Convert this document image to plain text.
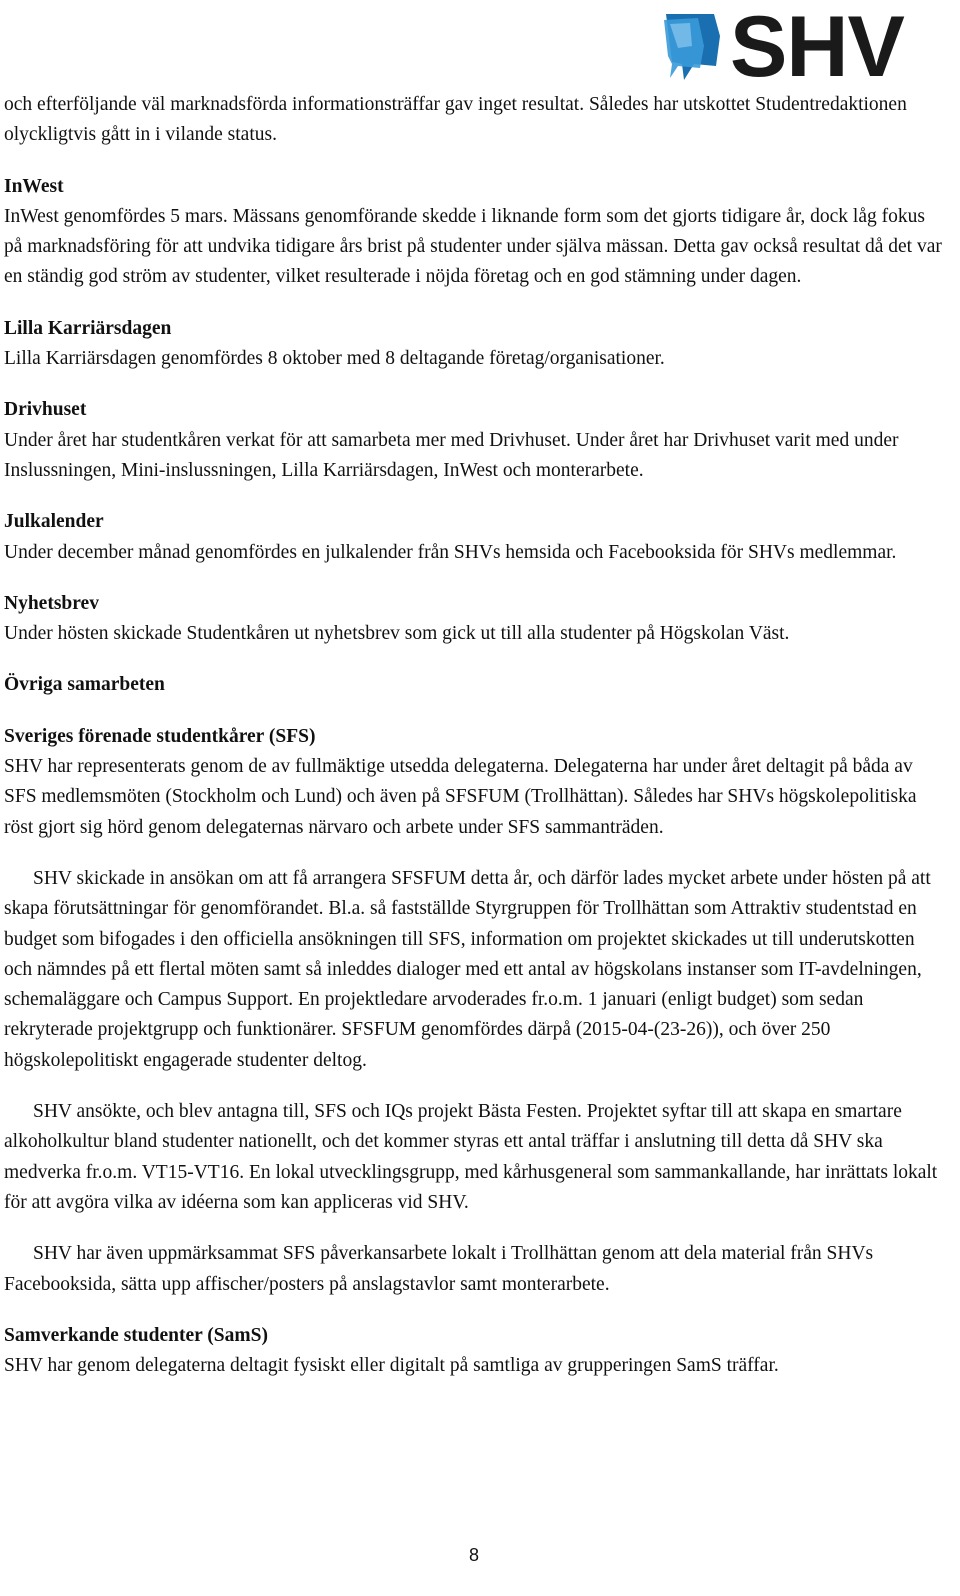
SHV

och efterföljande väl marknadsförda informationsträffar gav inget resultat. Således har utskottet Studentredaktionen olyckligtvis gått in i vilande status.

InWest

InWest genomfördes 5 mars. Mässans genomförande skedde i liknande form som det gjorts tidigare år, dock låg fokus på marknadsföring för att undvika tidigare års brist på studenter under själva mässan. Detta gav också resultat då det var en ständig god ström av studenter, vilket resulterade i nöjda företag och en god stämning under dagen.

Lilla Karriärsdagen

Lilla Karriärsdagen genomfördes 8 oktober med 8 deltagande företag/organisationer.

Drivhuset

Under året har studentkåren verkat för att samarbeta mer med Drivhuset. Under året har Drivhuset varit med under Inslussningen, Mini-inslussningen, Lilla Karriärsdagen, InWest och monterarbete.

Julkalender

Under december månad genomfördes en julkalender från SHVs hemsida och Facebooksida för SHVs medlemmar.

Nyhetsbrev

Under hösten skickade Studentkåren ut nyhetsbrev som gick ut till alla studenter på Högskolan Väst.

Övriga samarbeten
Sveriges förenade studentkårer (SFS)

SHV har representerats genom de av fullmäktige utsedda delegaterna. Delegaterna har under året deltagit på båda av SFS medlemsmöten (Stockholm och Lund) och även på SFSFUM (Trollhättan). Således har SHVs högskolepolitiska röst gjort sig hörd genom delegaternas närvaro och arbete under SFS sammanträden.

SHV skickade in ansökan om att få arrangera SFSFUM detta år, och därför lades mycket arbete under hösten på att skapa förutsättningar för genomförandet. Bl.a. så fastställde Styrgruppen för Trollhättan som Attraktiv studentstad en budget som bifogades i den officiella ansökningen till SFS, information om projektet skickades ut till underutskotten och nämndes på ett flertal möten samt så inleddes dialoger med ett antal av högskolans instanser som IT-avdelningen, schemaläggare och Campus Support. En projektledare arvoderades fr.o.m. 1 januari (enligt budget) som sedan rekryterade projektgrupp och funktionärer. SFSFUM genomfördes därpå (2015-04-(23-26)), och över 250 högskolepolitiskt engagerade studenter deltog.

SHV ansökte, och blev antagna till, SFS och IQs projekt Bästa Festen. Projektet syftar till att skapa en smartare alkoholkultur bland studenter nationellt, och det kommer styras ett antal träffar i anslutning till detta då SHV ska medverka fr.o.m. VT15-VT16. En lokal utvecklingsgrupp, med kårhusgeneral som sammankallande, har inrättats lokalt för att avgöra vilka av idéerna som kan appliceras vid SHV.

SHV har även uppmärksammat SFS påverkansarbete lokalt i Trollhättan genom att dela material från SHVs Facebooksida, sätta upp affischer/posters på anslagstavlor samt monterarbete.

Samverkande studenter (SamS)

SHV har genom delegaterna deltagit fysiskt eller digitalt på samtliga av grupperingen SamS träffar.

8
